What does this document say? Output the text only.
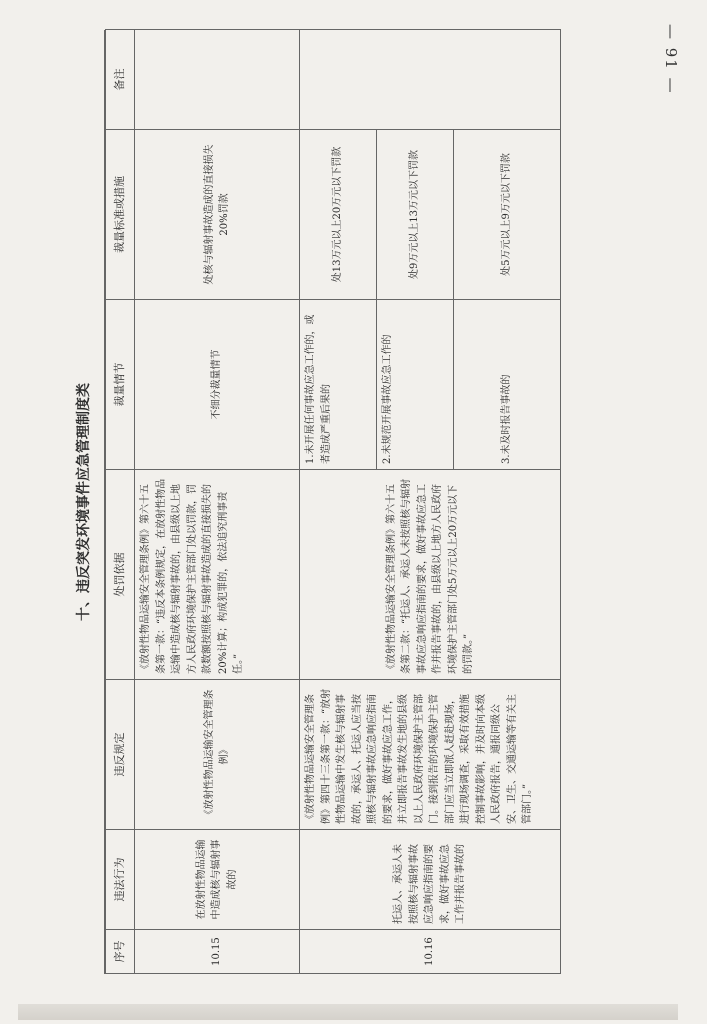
— 91 —
十、违反突发环境事件应急管理制度类
序号	违法行为	违反规定	处罚依据	裁量情节	裁量标准或措施	备注
10.15	在放射性物品运输中造成核与辐射事故的	《放射性物品运输安全管理条例》	《放射性物品运输安全管理条例》第六十五条第一款：“违反本条例规定，在放射性物品运输中造成核与辐射事故的，由县级以上地方人民政府环境保护主管部门处以罚款，罚款数额按照核与辐射事故造成的直接损失的20%计算；构成犯罪的，依法追究刑事责任。”	不细分裁量情节	处核与辐射事故造成的直接损失20%罚款	
10.16	托运人、承运人未按照核与辐射事故应急响应指南的要求，做好事故应急工作并报告事故的	《放射性物品运输安全管理条例》第四十三条第一款：“放射性物品运输中发生核与辐射事故的，承运人、托运人应当按照核与辐射事故应急响应指南的要求，做好事故应急工作，并立即报告事故发生地的县级以上人民政府环境保护主管部门。接到报告的环境保护主管部门应当立即派人赶赴现场，进行现场调查，采取有效措施控制事故影响，并及时向本级人民政府报告，通报同级公安、卫生、交通运输等有关主管部门。”	《放射性物品运输安全管理条例》第六十五条第二款：“托运人、承运人未按照核与辐射事故应急响应指南的要求，做好事故应急工作并报告事故的，由县级以上地方人民政府环境保护主管部门处5万元以上20万元以下的罚款。”	1.未开展任何事故应急工作的，或者造成严重后果的	处13万元以上20万元以下罚款	
				2.未规范开展事故应急工作的	处9万元以上13万元以下罚款	
				3.未及时报告事故的	处5万元以上9万元以下罚款	
